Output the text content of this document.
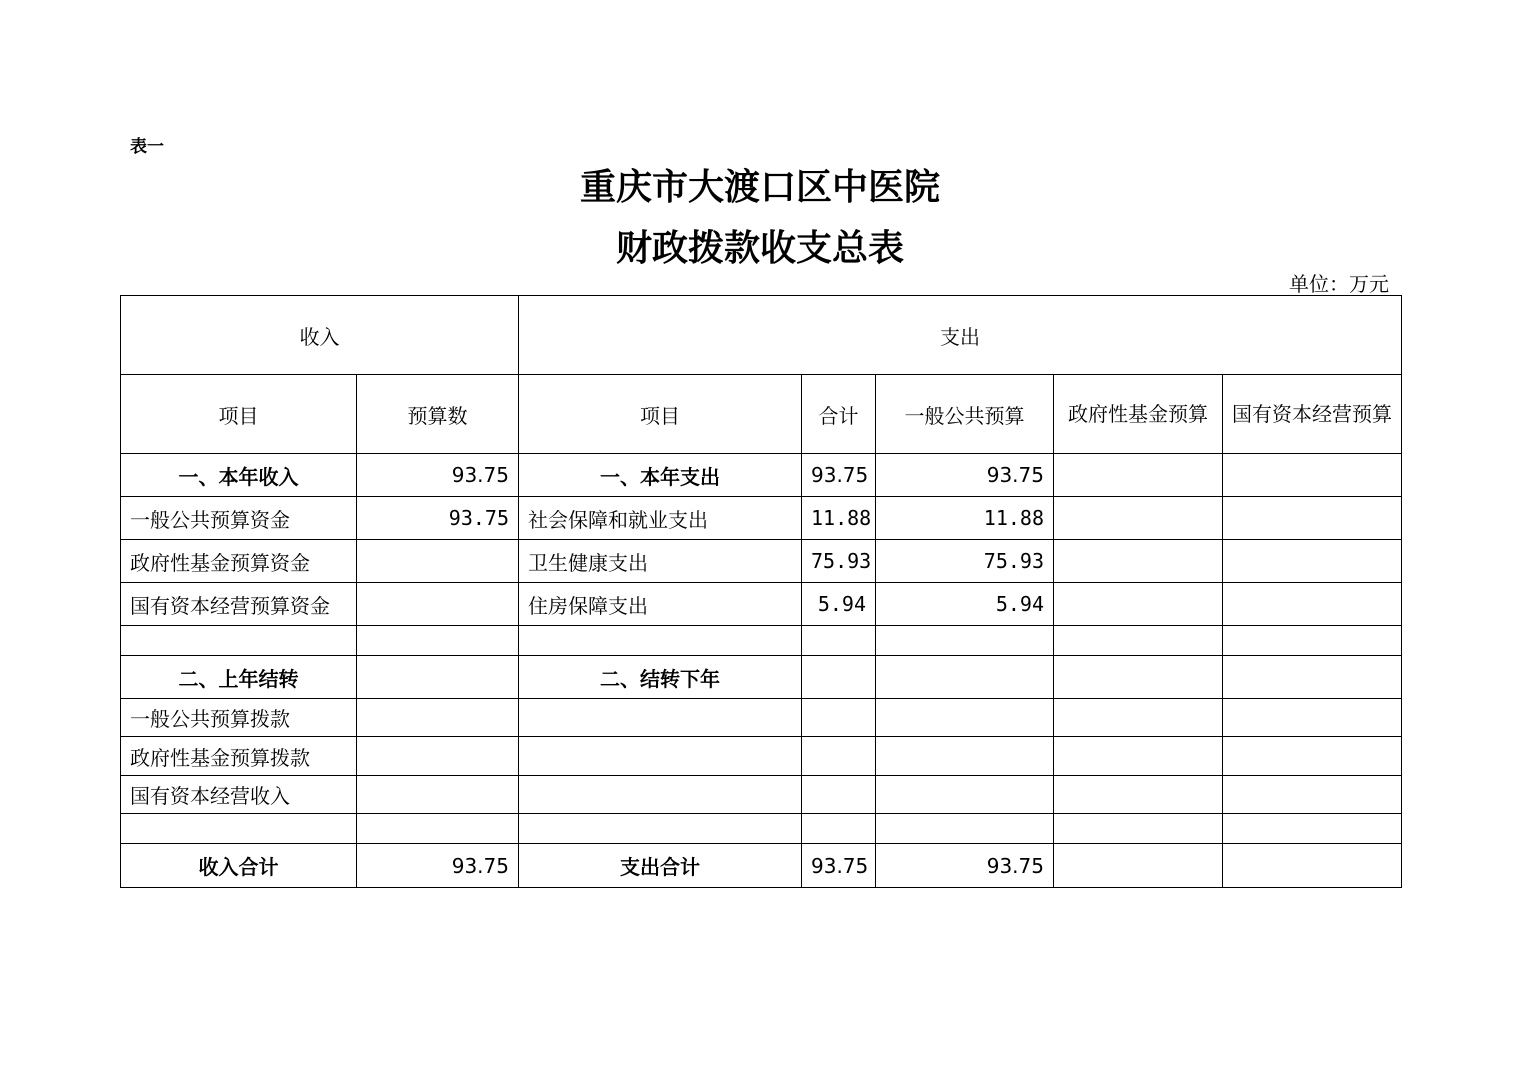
表一
重庆市大渡口区中医院
财政拨款收支总表
单位：万元
收入		支出				
项目	预算数	项目	合计	一般公共预算	政府性基金预算	国有资本经营预算
一、本年收入	93.75	一、本年支出	93.75	93.75		
一般公共预算资金	93.75	社会保障和就业支出	11.88	11.88		
政府性基金预算资金		卫生健康支出	75.93	75.93		
国有资本经营预算资金		住房保障支出	5.94	5.94		

二、上年结转		二、结转下年				
一般公共预算拨款						
政府性基金预算拨款						
国有资本经营收入						

收入合计	93.75	支出合计	93.75	93.75		
